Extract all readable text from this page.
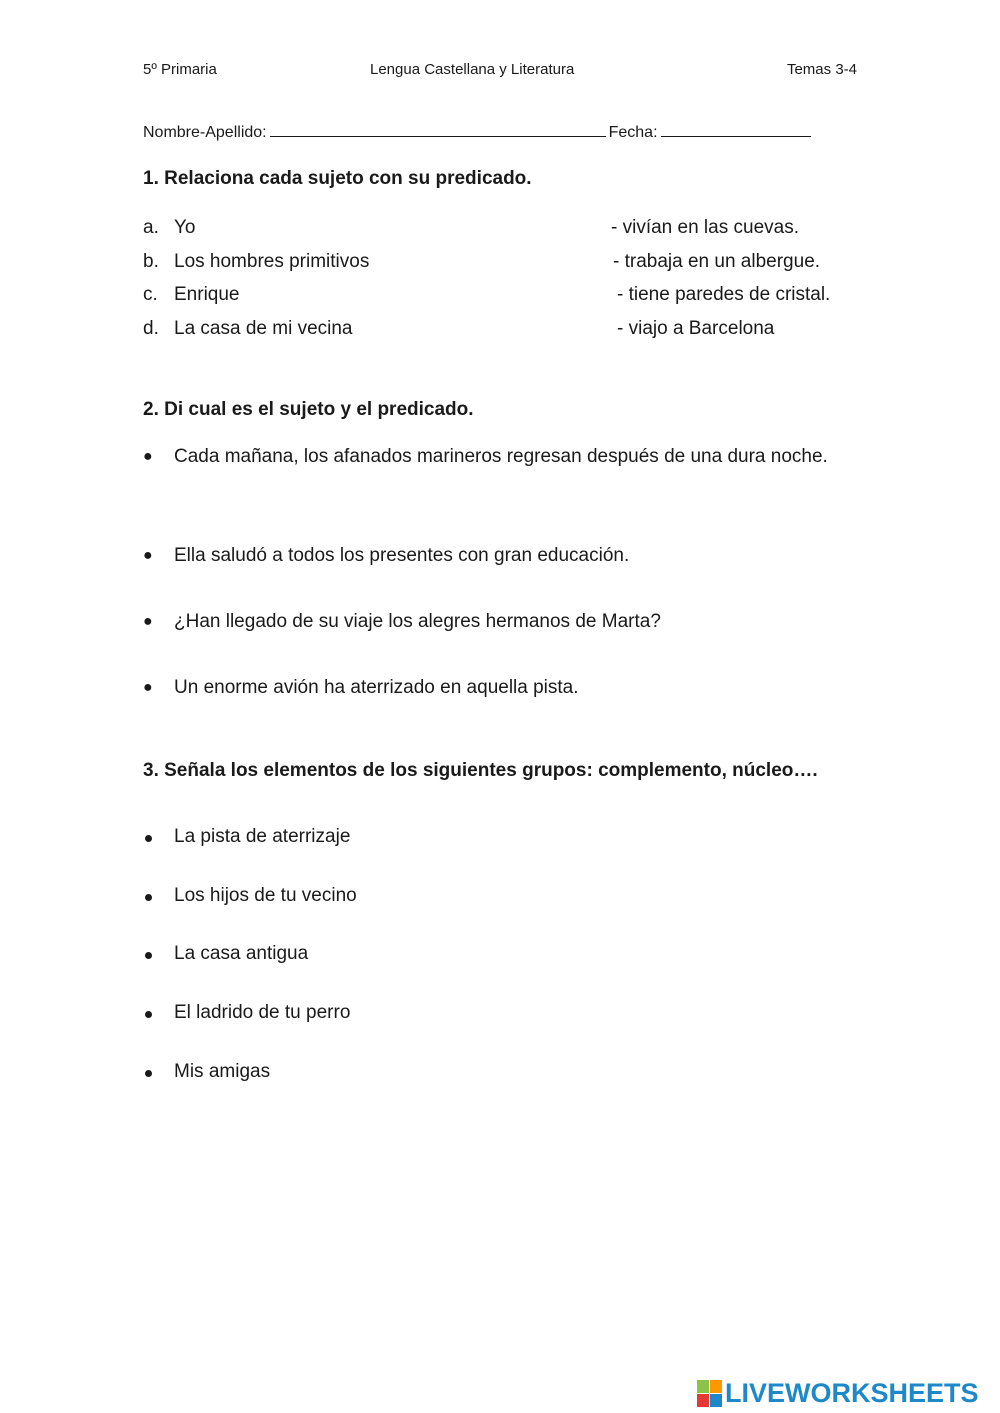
5º Primaria	Lengua Castellana y Literatura	Temas 3-4
Nombre-Apellido:	Fecha:
1. Relaciona cada sujeto con su predicado.
a. Yo	- vivían en las cuevas.
b. Los hombres primitivos	- trabaja en un albergue.
c. Enrique	- tiene paredes de cristal.
d. La casa de mi vecina	- viajo a Barcelona
2. Di cual es el sujeto y el predicado.
● Cada mañana, los afanados marineros regresan después de una dura noche.
● Ella saludó a todos los presentes con gran educación.
● ¿Han llegado de su viaje los alegres hermanos de Marta?
● Un enorme avión ha aterrizado en aquella pista.
3. Señala los elementos de los siguientes grupos: complemento, núcleo….
La pista de aterrizaje
Los hijos de tu vecino
La casa antigua
El ladrido de tu perro
Mis amigas
LIVEWORKSHEETS
